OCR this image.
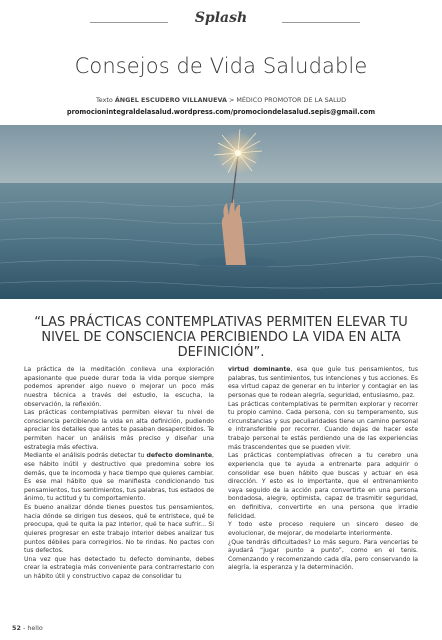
Splash
Consejos de Vida Saludable
Texto ÁNGEL ESCUDERO VILLANUEVA > MÉDICO PROMOTOR DE LA SALUD
promocionintegraldelasalud.wordpress.com/promociondelasalud.sepis@gmail.com
“LAS PRÁCTICAS CONTEMPLATIVAS PERMITEN ELEVAR TU NIVEL DE CONSCIENCIA PERCIBIENDO LA VIDA EN ALTA DEFINICIÓN”.

La práctica de la meditación conlleva una exploración apasionante que puede durar toda la vida porque siempre podemos aprender algo nuevo o mejorar un poco más nuestra técnica a través del estudio, la escucha, la observación, la reflexión.

Las prácticas contemplativas permiten elevar tu nivel de consciencia percibiendo la vida en alta definición, pudiendo apreciar los detalles que antes te pasaban desapercibidos. Te permiten hacer un análisis más preciso y diseñar una estrategia más efectiva.

Mediante el análisis podrás detectar tu defecto dominante, ese hábito inútil y destructivo que predomina sobre los demás, que te incomoda y hace tiempo que quieres cambiar. Es ese mal hábito que se manifiesta condicionando tus pensamientos, tus sentimientos, tus palabras, tus estados de ánimo, tu actitud y tu comportamiento.

Es bueno analizar dónde tienes puestos tus pensamientos, hacia dónde se dirigen tus deseos, qué te entristece, qué te preocupa, qué te quita la paz interior, qué te hace sufrir... Si quieres progresar en este trabajo interior debes analizar tus puntos débiles para corregirlos. No te rindas. No pactes con tus defectos.

Una vez que has detectado tu defecto dominante, debes crear la estrategia más conveniente para contrarrestarlo con un hábito útil y constructivo capaz de consolidar tu

virtud dominante, esa que guíe tus pensamientos, tus palabras, tus sentimientos, tus intenciones y tus acciones. Es esa virtud capaz de generar en tu interior y contagiar en las personas que te rodean alegría, seguridad, entusiasmo, paz.

Las prácticas contemplativas te permiten explorar y recorrer tu propio camino. Cada persona, con su temperamento, sus circunstancias y sus peculiaridades tiene un camino personal e intransferible por recorrer. Cuando dejas de hacer este trabajo personal te estás perdiendo una de las experiencias más trascendentes que se pueden vivir.

Las prácticas contemplativas ofrecen a tu cerebro una experiencia que te ayuda a entrenarte para adquirir o consolidar ese buen hábito que buscas y actuar en esa dirección. Y esto es lo importante, que el entrenamiento vaya seguido de la acción para convertirte en una persona bondadosa, alegre, optimista, capaz de trasmitir seguridad, en definitiva, convertirte en una persona que irradie felicidad.

Y todo este proceso requiere un sincero deseo de evolucionar, de mejorar, de modelarte interiormente.

¿Que tendrás dificultades? Lo más seguro. Para vencerlas te ayudará “jugar punto a punto”, como en el tenis. Comenzando y recomenzando cada día, pero conservando la alegría, la esperanza y la determinación.

52 - hello
